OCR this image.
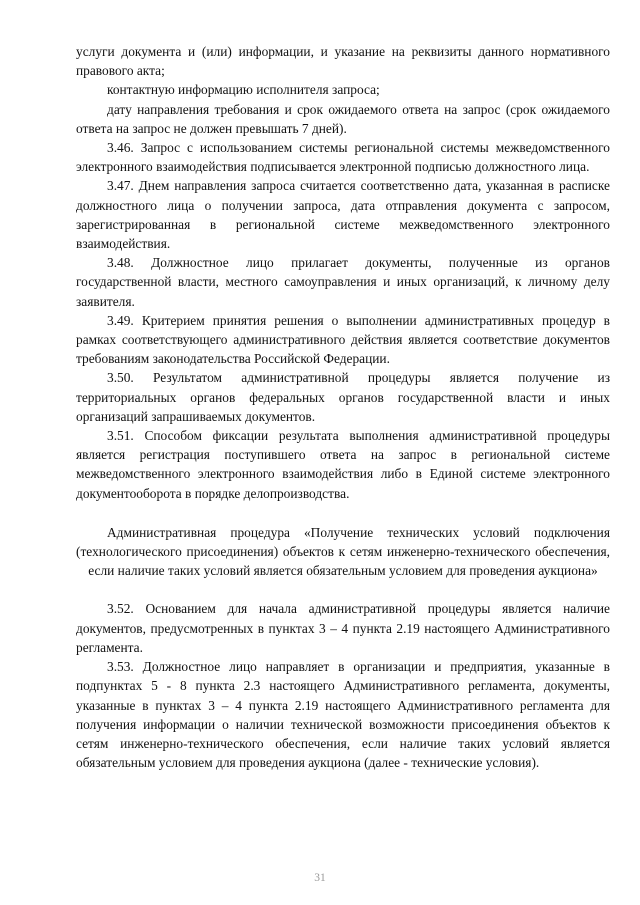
услуги документа и (или) информации, и указание на реквизиты данного нормативного правового акта;

контактную информацию исполнителя запроса;

дату направления требования и срок ожидаемого ответа на запрос (срок ожидаемого ответа на запрос не должен превышать 7 дней).

3.46. Запрос с использованием системы региональной системы межведомственного электронного взаимодействия подписывается электронной подписью должностного лица.

3.47. Днем направления запроса считается соответственно дата, указанная в расписке должностного лица о получении запроса, дата отправления документа с запросом, зарегистрированная в региональной системе межведомственного электронного взаимодействия.

3.48. Должностное лицо прилагает документы, полученные из органов государственной власти, местного самоуправления и иных организаций, к личному делу заявителя.

3.49. Критерием принятия решения о выполнении административных процедур в рамках соответствующего административного действия является соответствие документов требованиям законодательства Российской Федерации.

3.50. Результатом административной процедуры является получение из территориальных органов федеральных органов государственной власти и иных организаций запрашиваемых документов.

3.51. Способом фиксации результата выполнения административной процедуры является регистрация поступившего ответа на запрос в региональной системе межведомственного электронного взаимодействия либо в Единой системе электронного документооборота в порядке делопроизводства.

Административная процедура «Получение технических условий подключения (технологического присоединения) объектов к сетям инженерно-технического обеспечения, если наличие таких условий является обязательным условием для проведения аукциона»

3.52. Основанием для начала административной процедуры является наличие документов, предусмотренных в пунктах 3 – 4 пункта 2.19 настоящего Административного регламента.

3.53. Должностное лицо направляет в организации и предприятия, указанные в подпунктах 5 - 8 пункта 2.3 настоящего Административного регламента, документы, указанные в пунктах 3 – 4 пункта 2.19 настоящего Административного регламента для получения информации о наличии технической возможности присоединения объектов к сетям инженерно-технического обеспечения, если наличие таких условий является обязательным условием для проведения аукциона (далее - технические условия).

31
